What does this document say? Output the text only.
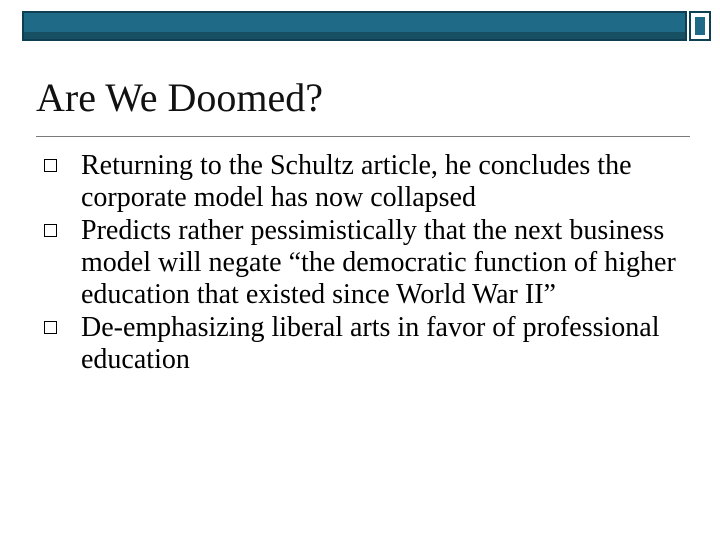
Are We Doomed?
Returning to the Schultz article, he concludes the corporate model has now collapsed
Predicts rather pessimistically that the next business model will negate “the democratic function of higher education that existed since World War II”
De-emphasizing liberal arts in favor of professional education
